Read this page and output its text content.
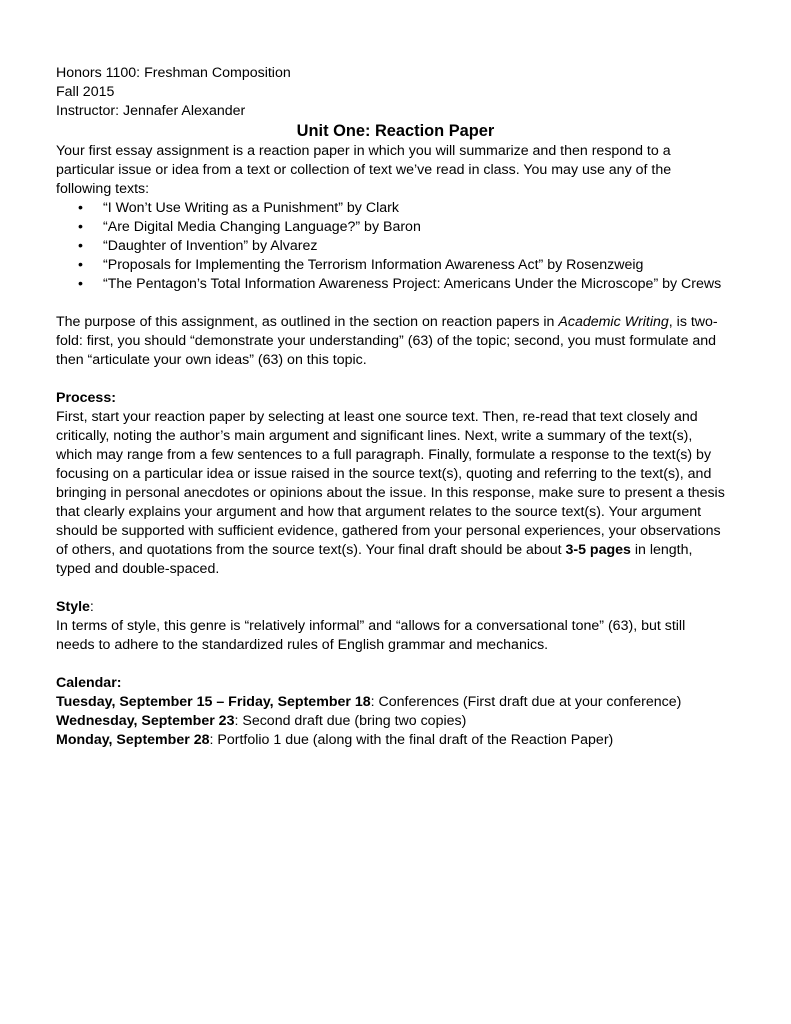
Honors 1100: Freshman Composition
Fall 2015
Instructor: Jennafer Alexander
Unit One: Reaction Paper
Your first essay assignment is a reaction paper in which you will summarize and then respond to a
particular issue or idea from a text or collection of text we’ve read in class. You may use any of the
following texts:
• “I Won’t Use Writing as a Punishment” by Clark
• “Are Digital Media Changing Language?” by Baron
• “Daughter of Invention” by Alvarez
• “Proposals for Implementing the Terrorism Information Awareness Act” by Rosenzweig
• “The Pentagon’s Total Information Awareness Project: Americans Under the Microscope” by Crews
The purpose of this assignment, as outlined in the section on reaction papers in Academic Writing, is two-
fold: first, you should “demonstrate your understanding” (63) of the topic; second, you must formulate and
then “articulate your own ideas” (63) on this topic.
Process:
First, start your reaction paper by selecting at least one source text. Then, re-read that text closely and
critically, noting the author’s main argument and significant lines. Next, write a summary of the text(s),
which may range from a few sentences to a full paragraph. Finally, formulate a response to the text(s) by
focusing on a particular idea or issue raised in the source text(s), quoting and referring to the text(s), and
bringing in personal anecdotes or opinions about the issue. In this response, make sure to present a thesis
that clearly explains your argument and how that argument relates to the source text(s). Your argument
should be supported with sufficient evidence, gathered from your personal experiences, your observations
of others, and quotations from the source text(s). Your final draft should be about 3-5 pages in length,
typed and double-spaced.
Style:
In terms of style, this genre is “relatively informal” and “allows for a conversational tone” (63), but still
needs to adhere to the standardized rules of English grammar and mechanics.
Calendar:
Tuesday, September 15 – Friday, September 18: Conferences (First draft due at your conference)
Wednesday, September 23: Second draft due (bring two copies)
Monday, September 28: Portfolio 1 due (along with the final draft of the Reaction Paper)
